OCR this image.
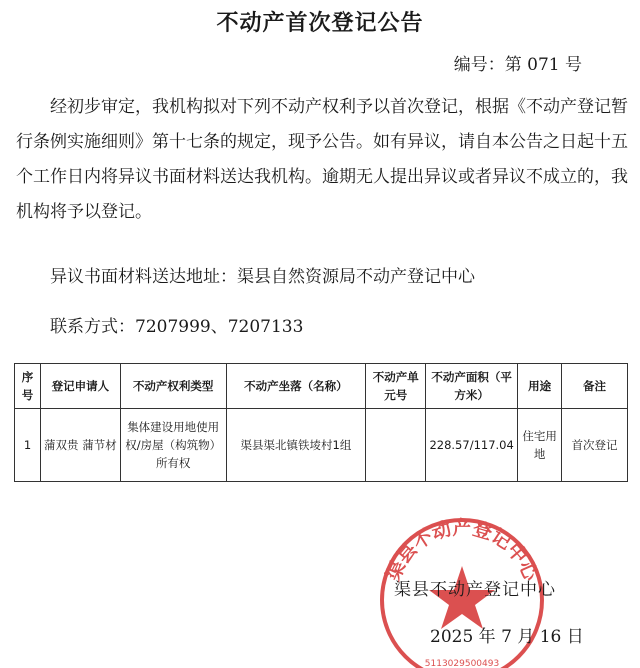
不动产首次登记公告
编号：第 071 号
经初步审定，我机构拟对下列不动产权利予以首次登记，根据《不动产登记暂行条例实施细则》第十七条的规定，现予公告。如有异议，请自本公告之日起十五个工作日内将异议书面材料送达我机构。逾期无人提出异议或者异议不成立的，我机构将予以登记。
异议书面材料送达地址：渠县自然资源局不动产登记中心
联系方式：7207999、7207133
序号	登记申请人	不动产权利类型	不动产坐落（名称）	不动产单元号	不动产面积（平方米）	用途	备注
1	蒲双贵 蒲节材	集体建设用地使用权/房屋（构筑物）所有权	渠县渠北镇铁堎村1组		228.57/117.04	住宅用地	首次登记
渠县不动产登记中心
5113029500493
渠县不动产登记中心
2025 年 7 月 16 日
